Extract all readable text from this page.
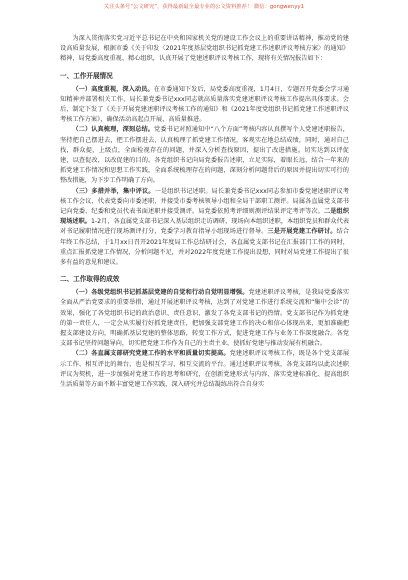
关注头条号“公文研究”，获得最新最全最专业的公文资料推荐！ 微信：gongwenyy1

为深入贯彻落实党习近平总书记在中央和国家机关党的建设工作会议上的重要讲话精神，推动党的建设高质量发展，根据市委《关于印发〈2021年度基层党组织书记抓党建工作述职评议考核方案〉的通知》精神，局党委高度重视、精心组织，认真开展了党建述职评议考核工作，现将有关情况报告如下：

一、工作开展情况

（一）高度重视，深入动员。在市委通知下发后，局党委高度重视，1月4日，专题召开党委会学习通知精神并部署相关工作，局长兼党委书记xxx同志就高质量落实党建述职评议考核工作提出具体要求。会后，制定下发了《关于开展党建述职评议考核工作的通知》和《2021年度党组织书记抓党建工作述职评议考核工作方案》，确保活动高起点开展、高质量推进。

（二）认真梳理，深刻总结。党委书记对照通知中“八个方面”考核内容认真撰写个人党建述职报告，坚持把自己摆进去，把工作摆进去，认真梳理了抓党建工作情况，客观实在地总结成绩，同时，通对自己找，群众提，上级点，全面检视存在的问题，并深入分析查找原因，提出了改进措施。切实达到以评促建，以查促改，以改促建的目的。各党组织书记向局党委报告述职，立足实际，着眼长远，结合一年来的抓党建工作情况和思想工作实践，全面系统梳理存在的问题，深刻分析问题背后的原因并提出切实可行的整改措施，为下步工作明确了方向。

（三）多措并举，集中评议。一是组织书记述职。局长兼党委书记xxx同志参加市委党建述职评议考核工作会议，代表党委向市委述职，并接受市委考核领导小组和全局干部职工测评。局属各直属党支部书记向党委、纪委和党员代表书面述职并接受测评。局党委依照考评细则测评结果评定考评等次。二是组织现场述职。1-2月，各直属党支部书记深入基层组织走访调研，现场向本组织述职，本组织党员和群众代表对书记履职情况进行现场测评打分，党委学习教育指导小组现场进行督导。三是开展党建工作研讨。结合年终工作总结，于1月xx日召开2021年度局工作总结研讨会，各直属党支部书记在汇报部门工作的同时，重点汇报抓党建工作情况，分析问题不足，并对2022年度党建工作提出设想，同时对局党建工作提出了很多有益的意见和建议。

二、工作取得的成效

（一）各级党组织书记抓基层党建的自觉和行动自觉明显增强。党建述职评议考核，是我局党委落实全面从严治党要求的重要举措，通过开展述职评议考核，达到了对党建工作进行系统交流和“集中会诊”的效果，强化了各党组织书记的政治意识、责任意识，激发了各党支部书记的热情。党支部书记作为抓党建的第一责任人，一定会从实履行好抓党建责任，把加强支部党建工作的决心和信心体现出来，更加准确把握支部建设方向，明确抓基层党建的整体思路，转变工作方式，促进党建工作与业务工作深度融合。各党支部书记坚持问题导向，切实把党建工作作为自己的主责主业，使抓好党建与推动发展有机融合。

（二）各直属支部研究党建工作的水平和质量切实提高。党建述职评议考核工作，既是各个党支部展示工作、相互评比的舞台，也是相互学习、相互交流的平台。通过述职评议考核，各党支部均以此次述职评议为契机，进一步加强对党建工作的思考和研究，在创新党建形式与内容、落实党建标准化、提高组织生活质量等方面不断丰富党建工作实践，深入研究并总结凝练出符合自身实
